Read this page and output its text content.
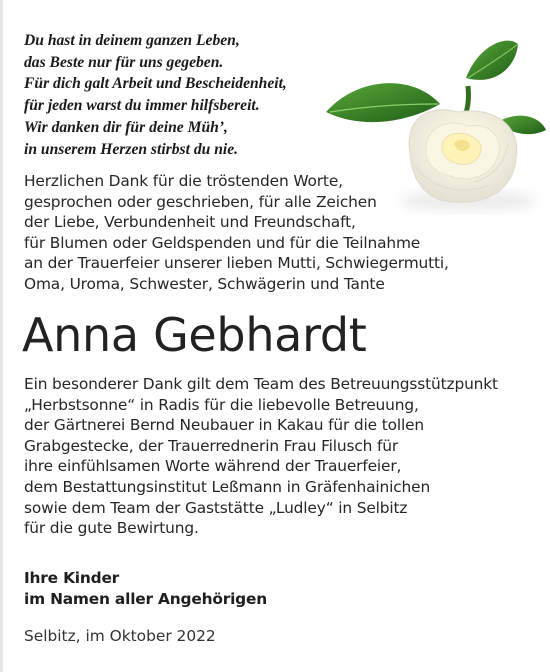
Du hast in deinem ganzen Leben,
das Beste nur für uns gegeben.
Für dich galt Arbeit und Bescheidenheit,
für jeden warst du immer hilfsbereit.
Wir danken dir für deine Müh’,
in unserem Herzen stirbst du nie.
Herzlichen Dank für die tröstenden Worte,
gesprochen oder geschrieben, für alle Zeichen
der Liebe, Verbundenheit und Freundschaft,
für Blumen oder Geldspenden und für die Teilnahme
an der Trauerfeier unserer lieben Mutti, Schwiegermutti,
Oma, Uroma, Schwester, Schwägerin und Tante
Anna Gebhardt
Ein besonderer Dank gilt dem Team des Betreuungsstützpunkt
„Herbstsonne“ in Radis für die liebevolle Betreuung,
der Gärtnerei Bernd Neubauer in Kakau für die tollen
Grabgestecke, der Trauerrednerin Frau Filusch für
ihre einfühlsamen Worte während der Trauerfeier,
dem Bestattungsinstitut Leßmann in Gräfenhainichen
sowie dem Team der Gaststätte „Ludley“ in Selbitz
für die gute Bewirtung.
Ihre Kinder
im Namen aller Angehörigen
Selbitz, im Oktober 2022
